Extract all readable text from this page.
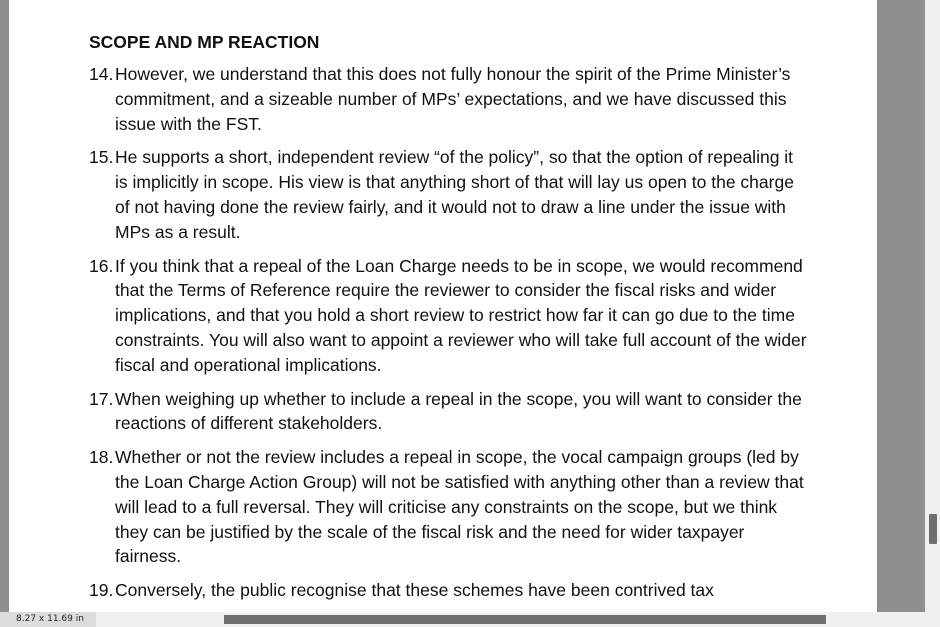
SCOPE AND MP REACTION
14. However, we understand that this does not fully honour the spirit of the Prime Minister’s commitment, and a sizeable number of MPs’ expectations, and we have discussed this issue with the FST.
15. He supports a short, independent review “of the policy”, so that the option of repealing it is implicitly in scope. His view is that anything short of that will lay us open to the charge of not having done the review fairly, and it would not to draw a line under the issue with MPs as a result.
16. If you think that a repeal of the Loan Charge needs to be in scope, we would recommend that the Terms of Reference require the reviewer to consider the fiscal risks and wider implications, and that you hold a short review to restrict how far it can go due to the time constraints. You will also want to appoint a reviewer who will take full account of the wider fiscal and operational implications.
17. When weighing up whether to include a repeal in the scope, you will want to consider the reactions of different stakeholders.
18. Whether or not the review includes a repeal in scope, the vocal campaign groups (led by the Loan Charge Action Group) will not be satisfied with anything other than a review that will lead to a full reversal. They will criticise any constraints on the scope, but we think they can be justified by the scale of the fiscal risk and the need for wider taxpayer fairness.
19. Conversely, the public recognise that these schemes have been contrived tax
8.27 x 11.69 in
